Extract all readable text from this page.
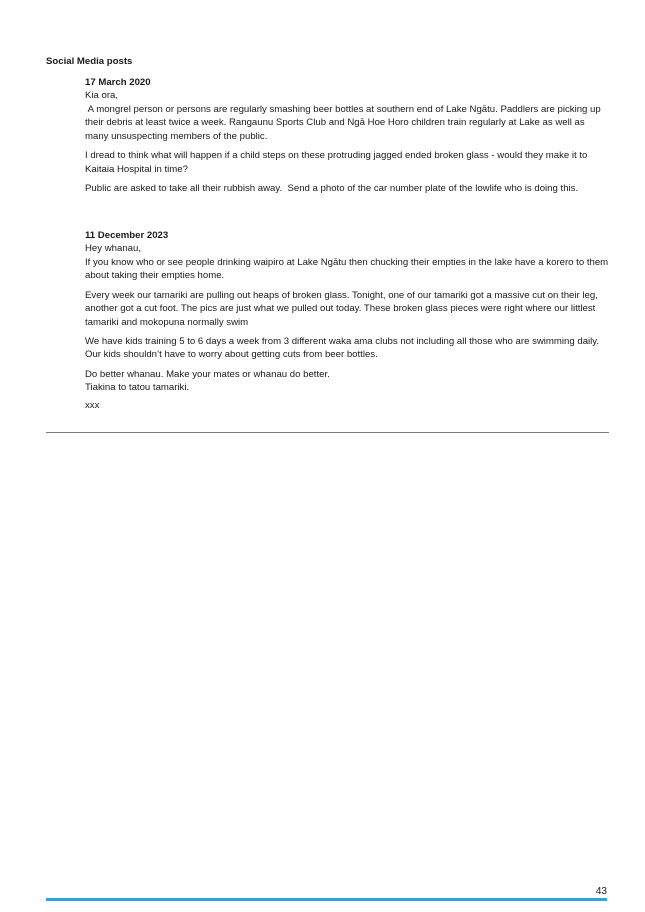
Social Media posts

17 March 2020

Kia ora,

A mongrel person or persons are regularly smashing beer bottles at southern end of Lake Ngātu. Paddlers are picking up their debris at least twice a week. Rangaunu Sports Club and Ngā Hoe Horo children train regularly at Lake as well as many unsuspecting members of the public.

I dread to think what will happen if a child steps on these protruding jagged ended broken glass - would they make it to Kaitaia Hospital in time?

Public are asked to take all their rubbish away.  Send a photo of the car number plate of the lowlife who is doing this.

11 December 2023

Hey whanau,

If you know who or see people drinking waipiro at Lake Ngātu then chucking their empties in the lake have a korero to them about taking their empties home.

Every week our tamariki are pulling out heaps of broken glass. Tonight, one of our tamariki got a massive cut on their leg, another got a cut foot. The pics are just what we pulled out today. These broken glass pieces were right where our littlest tamariki and mokopuna normally swim

We have kids training 5 to 6 days a week from 3 different waka ama clubs not including all those who are swimming daily. Our kids shouldn’t have to worry about getting cuts from beer bottles.

Do better whanau. Make your mates or whanau do better.

Tiakina to tatou tamariki.

xxx

43
